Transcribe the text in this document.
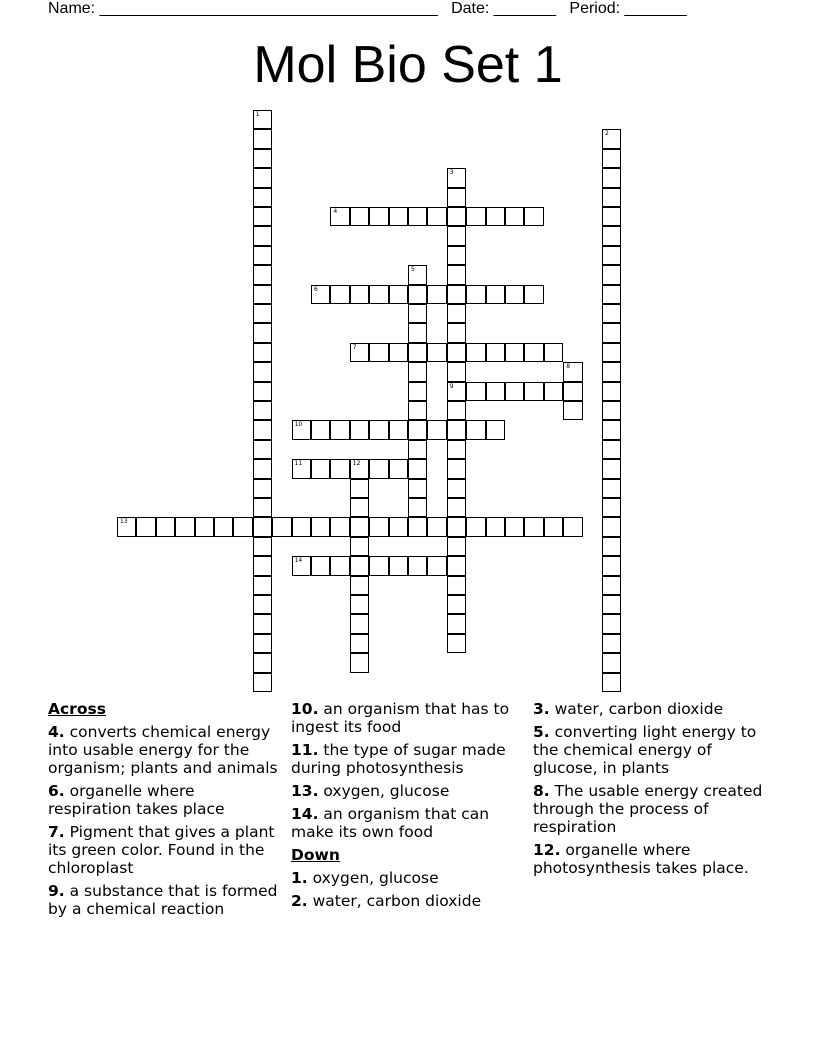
Name: ______________________________________ Date: _______ Period: _______
Mol Bio Set 1
1
2
3
9
4
5
6
7
8
10
11	12
13
14
Across
4. converts chemical energy into usable energy for the organism; plants and animals
6. organelle where respiration takes place
7. Pigment that gives a plant its green color. Found in the chloroplast
9. a substance that is formed by a chemical reaction
10. an organism that has to ingest its food
11. the type of sugar made during photosynthesis
13. oxygen, glucose
14. an organism that can make its own food
Down
1. oxygen, glucose
2. water, carbon dioxide
3. water, carbon dioxide
5. converting light energy to the chemical energy of glucose, in plants
8. The usable energy created through the process of respiration
12. organelle where photosynthesis takes place.
